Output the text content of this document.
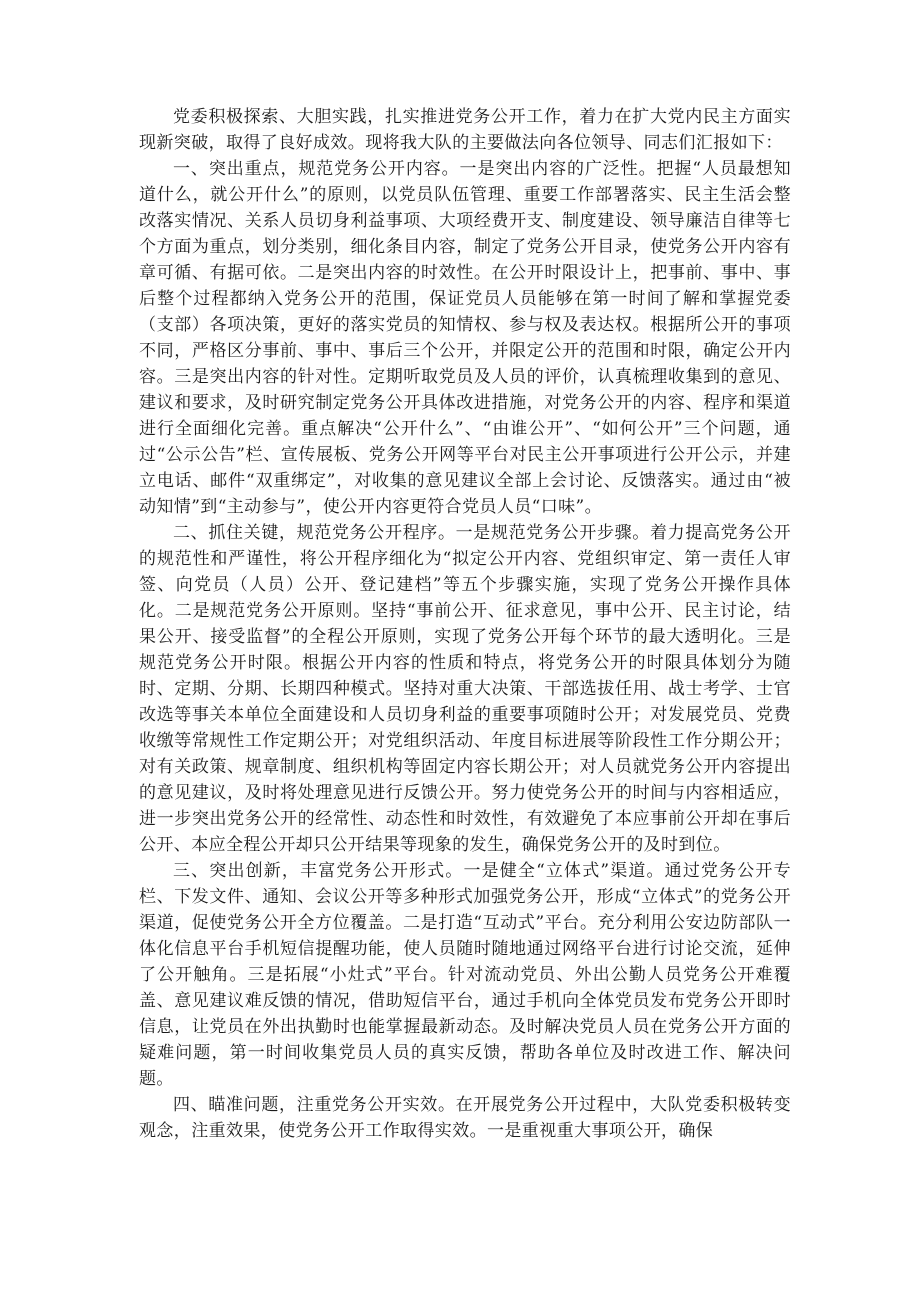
党委积极探索、大胆实践，扎实推进党务公开工作，着力在扩大党内民主方面实现新突破，取得了良好成效。现将我大队的主要做法向各位领导、同志们汇报如下：

一、突出重点，规范党务公开内容。一是突出内容的广泛性。把握“人员最想知道什么，就公开什么”的原则，以党员队伍管理、重要工作部署落实、民主生活会整改落实情况、关系人员切身利益事项、大项经费开支、制度建设、领导廉洁自律等七个方面为重点，划分类别，细化条目内容，制定了党务公开目录，使党务公开内容有章可循、有据可依。二是突出内容的时效性。在公开时限设计上，把事前、事中、事后整个过程都纳入党务公开的范围，保证党员人员能够在第一时间了解和掌握党委（支部）各项决策，更好的落实党员的知情权、参与权及表达权。根据所公开的事项不同，严格区分事前、事中、事后三个公开，并限定公开的范围和时限，确定公开内容。三是突出内容的针对性。定期听取党员及人员的评价，认真梳理收集到的意见、建议和要求，及时研究制定党务公开具体改进措施，对党务公开的内容、程序和渠道进行全面细化完善。重点解决“公开什么”、“由谁公开”、“如何公开”三个问题，通过“公示公告”栏、宣传展板、党务公开网等平台对民主公开事项进行公开公示，并建立电话、邮件“双重绑定”，对收集的意见建议全部上会讨论、反馈落实。通过由“被动知情”到“主动参与”，使公开内容更符合党员人员“口味”。

二、抓住关键，规范党务公开程序。一是规范党务公开步骤。着力提高党务公开的规范性和严谨性，将公开程序细化为“拟定公开内容、党组织审定、第一责任人审签、向党员（人员）公开、登记建档”等五个步骤实施，实现了党务公开操作具体化。二是规范党务公开原则。坚持“事前公开、征求意见，事中公开、民主讨论，结果公开、接受监督”的全程公开原则，实现了党务公开每个环节的最大透明化。三是规范党务公开时限。根据公开内容的性质和特点，将党务公开的时限具体划分为随时、定期、分期、长期四种模式。坚持对重大决策、干部选拔任用、战士考学、士官改选等事关本单位全面建设和人员切身利益的重要事项随时公开；对发展党员、党费收缴等常规性工作定期公开；对党组织活动、年度目标进展等阶段性工作分期公开；对有关政策、规章制度、组织机构等固定内容长期公开；对人员就党务公开内容提出的意见建议，及时将处理意见进行反馈公开。努力使党务公开的时间与内容相适应，进一步突出党务公开的经常性、动态性和时效性，有效避免了本应事前公开却在事后公开、本应全程公开却只公开结果等现象的发生，确保党务公开的及时到位。

三、突出创新，丰富党务公开形式。一是健全“立体式”渠道。通过党务公开专栏、下发文件、通知、会议公开等多种形式加强党务公开，形成“立体式”的党务公开渠道，促使党务公开全方位覆盖。二是打造“互动式”平台。充分利用公安边防部队一体化信息平台手机短信提醒功能，使人员随时随地通过网络平台进行讨论交流，延伸了公开触角。三是拓展“小灶式”平台。针对流动党员、外出公勤人员党务公开难覆盖、意见建议难反馈的情况，借助短信平台，通过手机向全体党员发布党务公开即时信息，让党员在外出执勤时也能掌握最新动态。及时解决党员人员在党务公开方面的疑难问题，第一时间收集党员人员的真实反馈，帮助各单位及时改进工作、解决问题。

四、瞄准问题，注重党务公开实效。在开展党务公开过程中，大队党委积极转变观念，注重效果，使党务公开工作取得实效。一是重视重大事项公开，确保
